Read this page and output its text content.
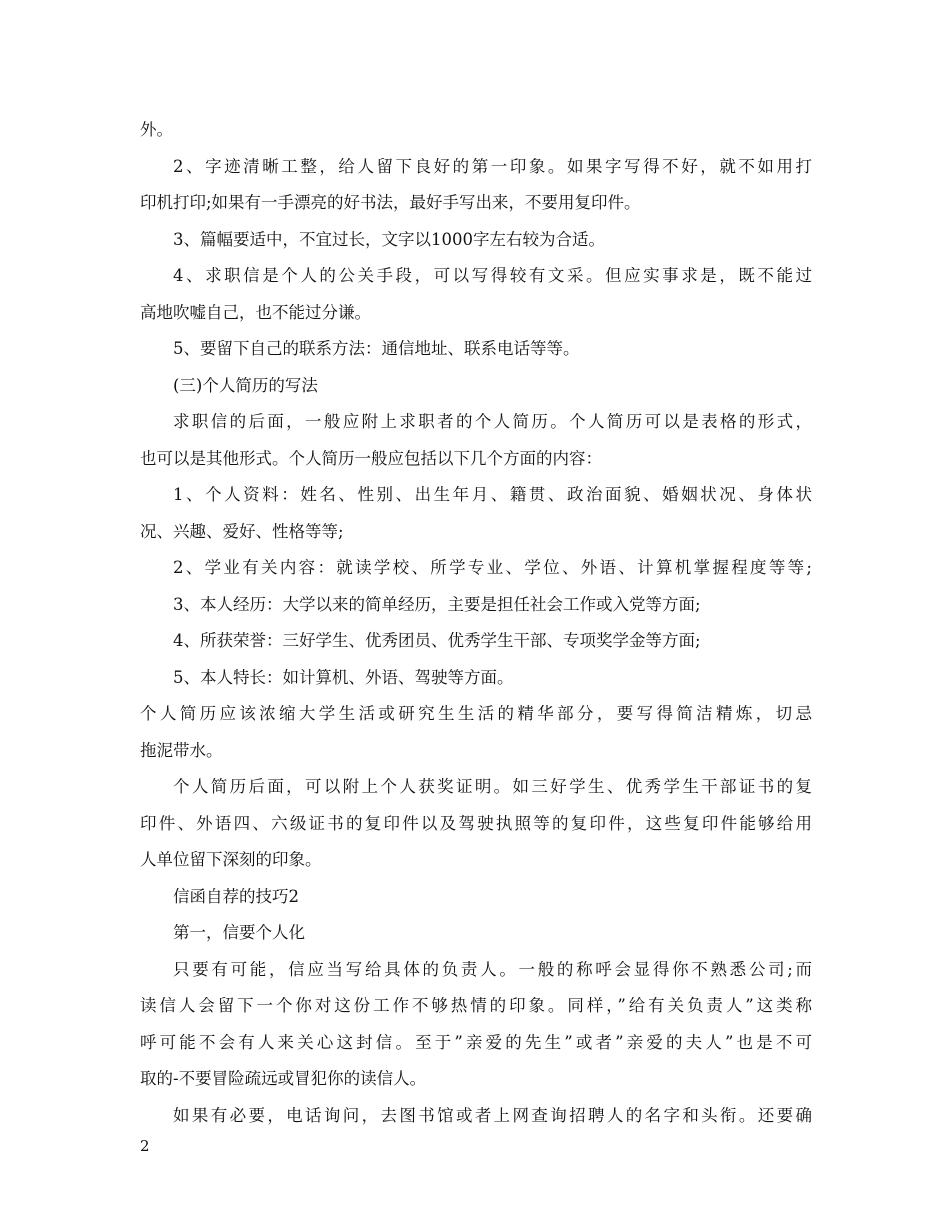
外。
2、字迹清晰工整，给人留下良好的第一印象。如果字写得不好，就不如用打
印机打印;如果有一手漂亮的好书法，最好手写出来，不要用复印件。
3、篇幅要适中，不宜过长，文字以1000字左右较为合适。
4、求职信是个人的公关手段，可以写得较有文采。但应实事求是，既不能过
高地吹嘘自己，也不能过分谦。
5、要留下自己的联系方法：通信地址、联系电话等等。
(三)个人简历的写法
求职信的后面，一般应附上求职者的个人简历。个人简历可以是表格的形式，
也可以是其他形式。个人简历一般应包括以下几个方面的内容：
1、个人资料：姓名、性别、出生年月、籍贯、政治面貌、婚姻状况、身体状
况、兴趣、爱好、性格等等;
2、学业有关内容：就读学校、所学专业、学位、外语、计算机掌握程度等等;
3、本人经历：大学以来的简单经历，主要是担任社会工作或入党等方面;
4、所获荣誉：三好学生、优秀团员、优秀学生干部、专项奖学金等方面;
5、本人特长：如计算机、外语、驾驶等方面。
个人简历应该浓缩大学生活或研究生生活的精华部分，要写得简洁精炼，切忌
拖泥带水。
个人简历后面，可以附上个人获奖证明。如三好学生、优秀学生干部证书的复
印件、外语四、六级证书的复印件以及驾驶执照等的复印件，这些复印件能够给用
人单位留下深刻的印象。
信函自荐的技巧2
第一，信要个人化
只要有可能，信应当写给具体的负责人。一般的称呼会显得你不熟悉公司;而
读信人会留下一个你对这份工作不够热情的印象。同样，”给有关负责人”这类称
呼可能不会有人来关心这封信。至于”亲爱的先生”或者”亲爱的夫人”也是不可
取的-不要冒险疏远或冒犯你的读信人。
如果有必要，电话询问，去图书馆或者上网查询招聘人的名字和头衔。还要确
2
